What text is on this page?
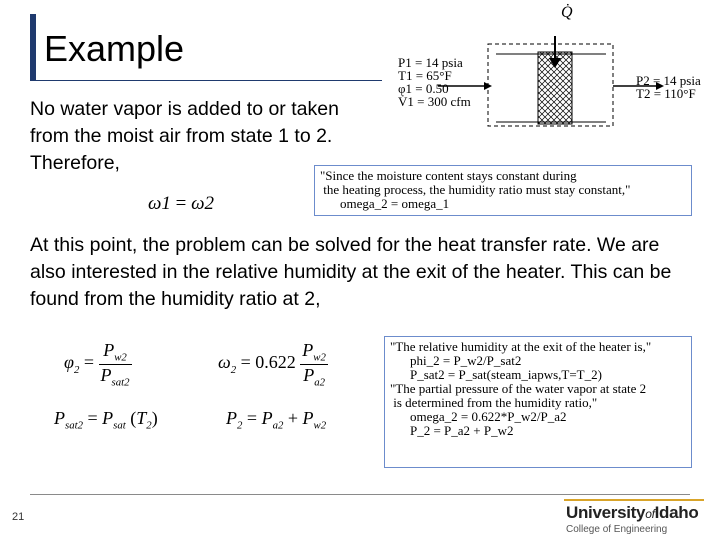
Example
No water vapor is added to or taken from the moist air from state 1 to 2. Therefore,
Q̇
P1 = 14 psia
T1 = 65°F
φ1 = 0.50
V̇1 = 300 cfm
P2 = 14 psia
T2 = 110°F
ω1 = ω2
"Since the moisture content stays constant during
the heating process, the humidity ratio must stay constant,"
omega_2 = omega_1
At this point, the problem can be solved for the heat transfer rate. We are also interested in the relative humidity at the exit of the heater. This can be found from the humidity ratio at 2,
$\varphi_2 = \frac{P_{w2}}{P_{sat2}}$	$\omega_2 = 0.622 \frac{P_{w2}}{P_{a2}}$
$P_{sat2} = P_{sat}$ $(T_2)$	$P_2 = P_{a2} + P_{w2}$
"The relative humidity at the exit of the heater is,"
phi_2 = P_w2/P_sat2
P_sat2 = P_sat(steam_iapws,T=T_2)
"The partial pressure of the water vapor at state 2
is determined from the humidity ratio,"
omega_2 = 0.622*P_w2/P_a2
P_2 = P_a2 + P_w2
21	UniversityofIdaho
College of Engineering
